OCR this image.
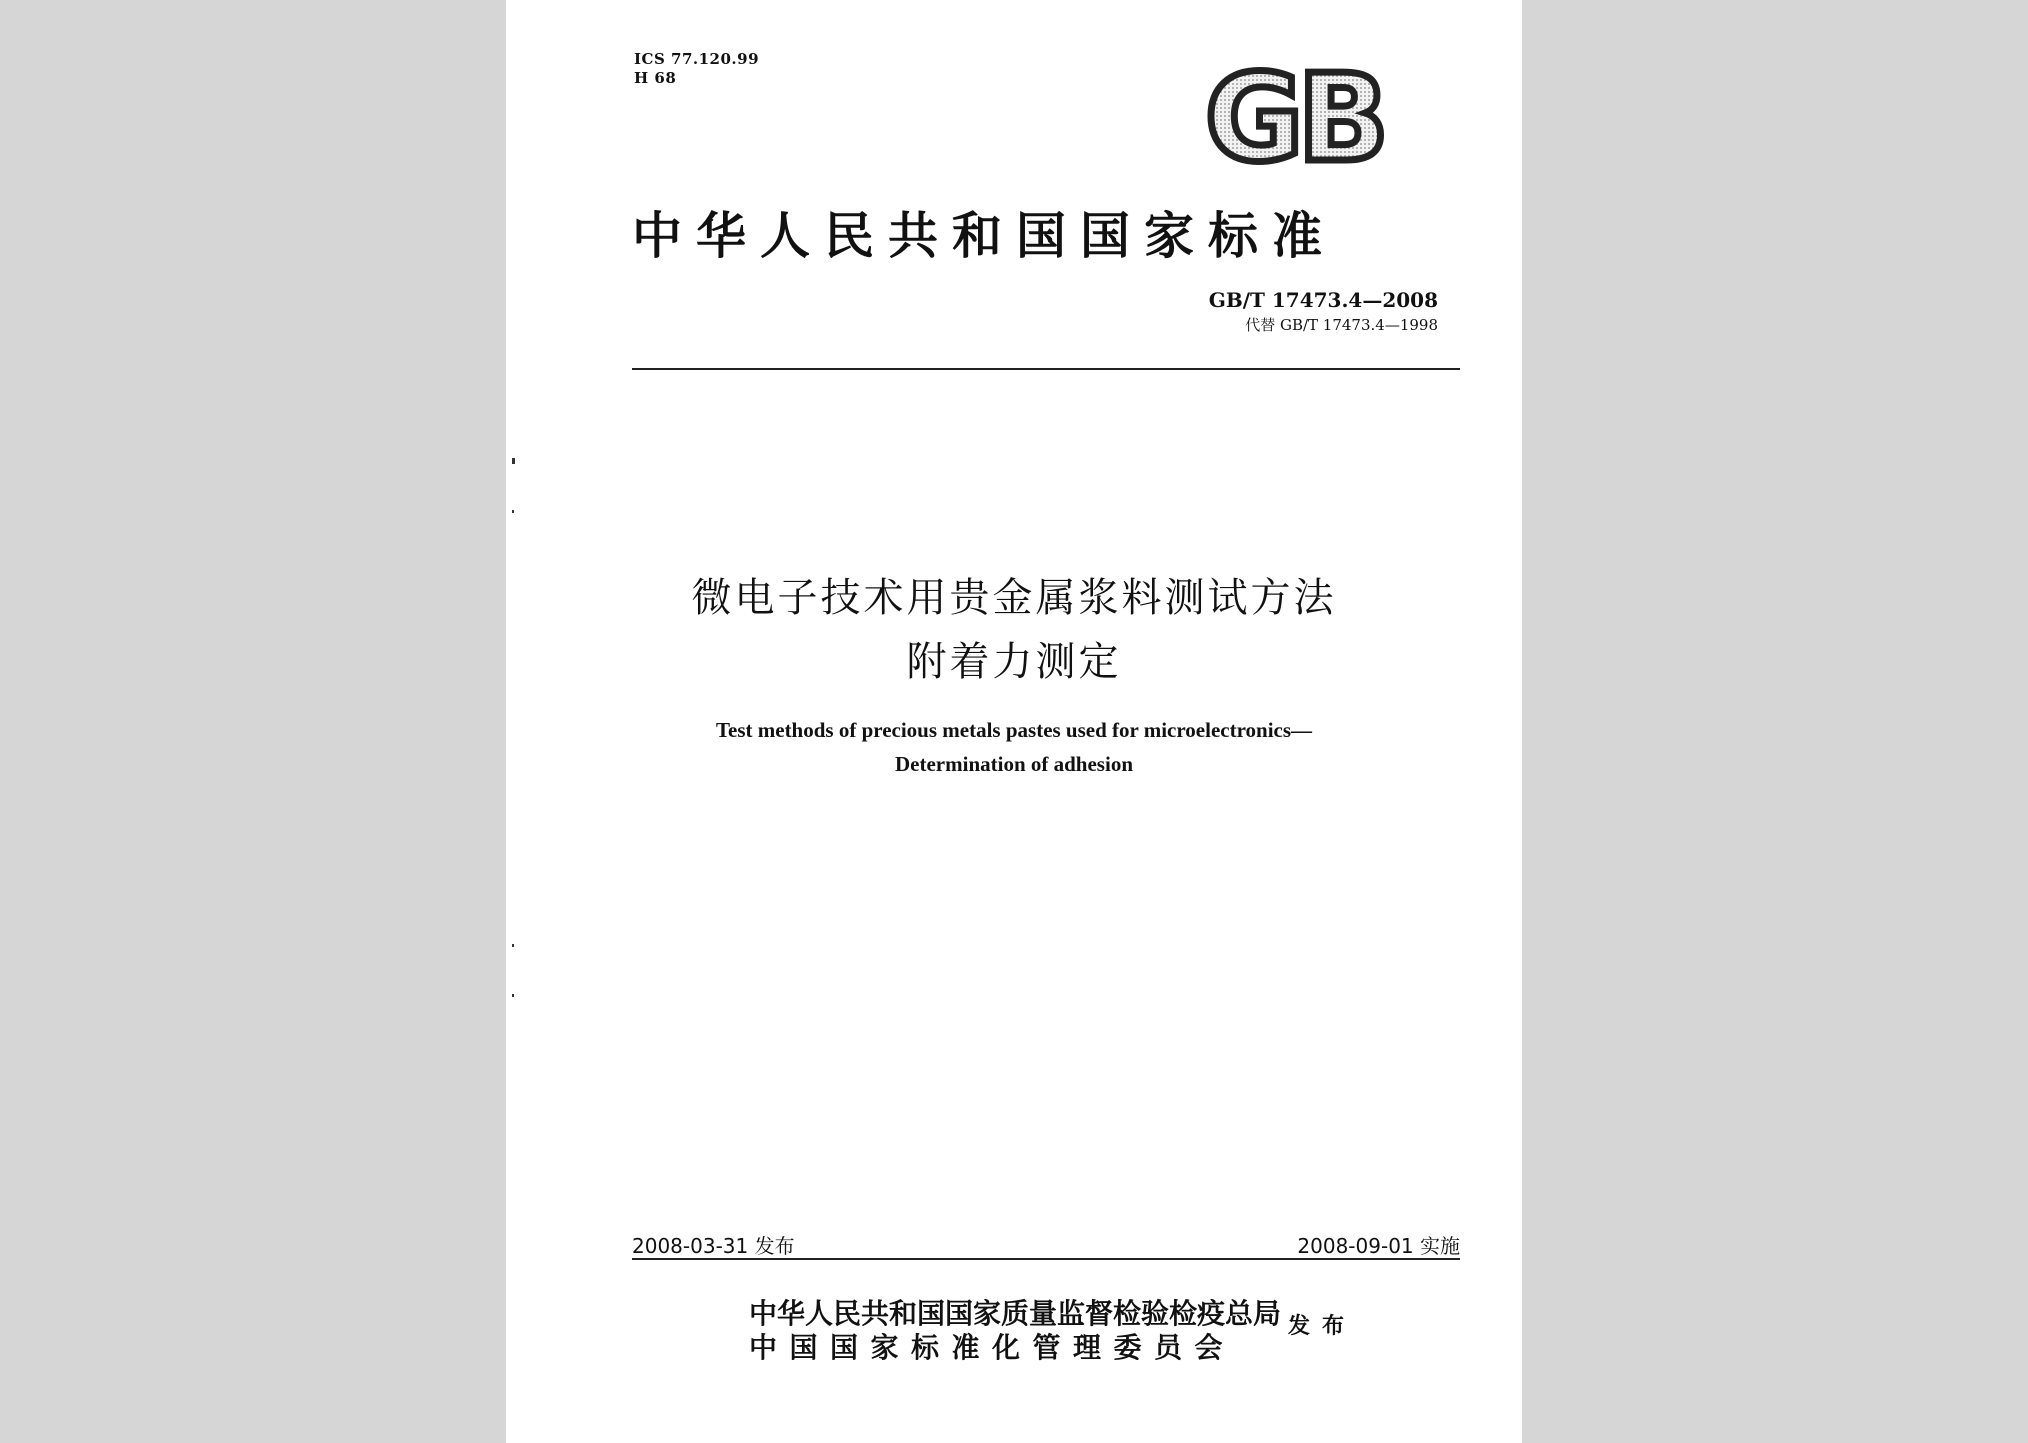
ICS 77.120.99
H 68	GB
中华人民共和国国家标准
GB/T 17473.4—2008
代替 GB/T 17473.4—1998
微电子技术用贵金属浆料测试方法
附着力测定
Test methods of precious metals pastes used for microelectronics—
Determination of adhesion
2008-03-31 发布	2008-09-01 实施
中华人民共和国国家质量监督检验检疫总局
中国国家标准化管理委员会
发布
